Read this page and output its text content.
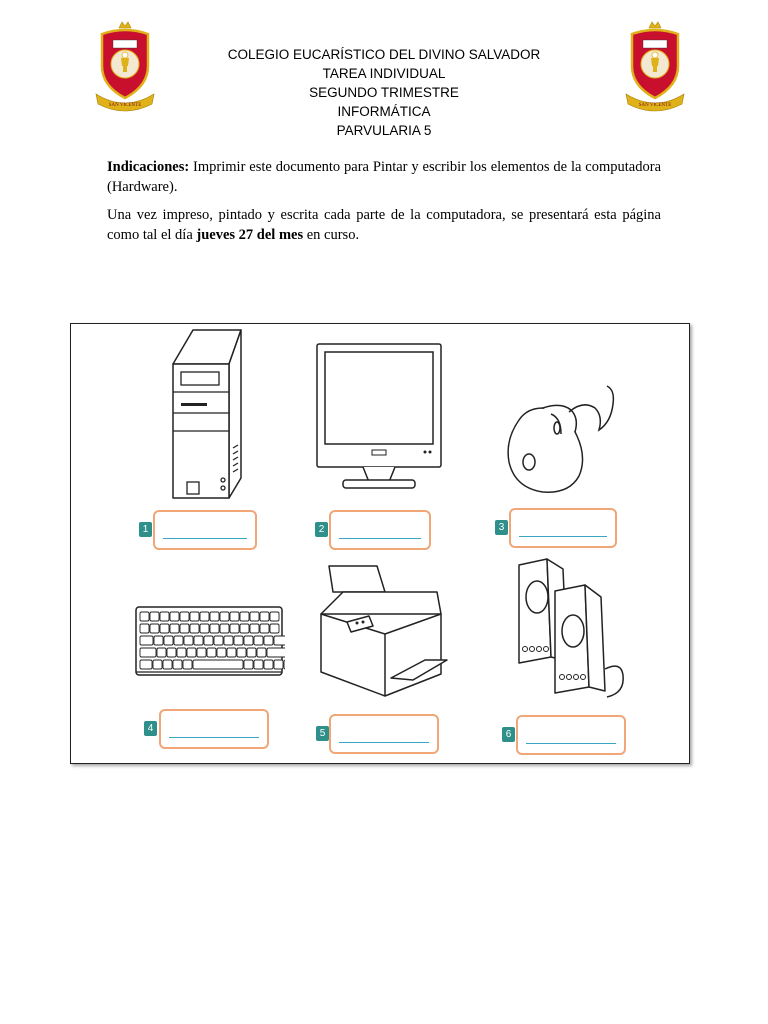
SAN VICENTE	SAN VICENTE
COLEGIO EUCARÍSTICO DEL DIVINO SALVADOR
TAREA INDIVIDUAL
SEGUNDO TRIMESTRE
INFORMÁTICA
PARVULARIA 5
Indicaciones: Imprimir este documento para Pintar y escribir los elementos de la computadora (Hardware).
Una vez impreso, pintado y escrita cada parte de la computadora, se presentará esta página como tal el día jueves 27 del mes en curso.
1	2	3
4	5	6
